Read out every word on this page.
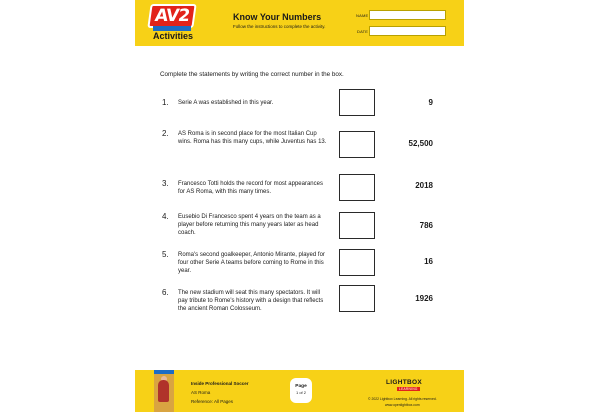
AV2
Activities
Know Your Numbers
Follow the instructions to complete the activity.
NAME
DATE
Complete the statements by writing the correct number in the box.
1. Serie A was established in this year.	9
2. AS Roma is in second place for the most Italian Cup wins. Roma has this many cups, while Juventus has 13.	52,500
3. Francesco Totti holds the record for most appearances for AS Roma, with this many times.
2018
4. Eusebio Di Francesco spent 4 years on the team as a player before returning this many years later as head coach.
786
5. Roma's second goalkeeper, Antonio Mirante, played for four other Serie A teams before coming to Rome in this year.
16
6. The new stadium will seat this many spectators. It will pay tribute to Rome's history with a design that reflects the ancient Roman Colosseum.
1926
Inside Professional Soccer
AS Roma
Reference: All Pages
Page
1 of 2
LIGHTBOX
LEARNING
© 2022 Lightbox Learning. All rights reserved.
www.openlightbox.com
